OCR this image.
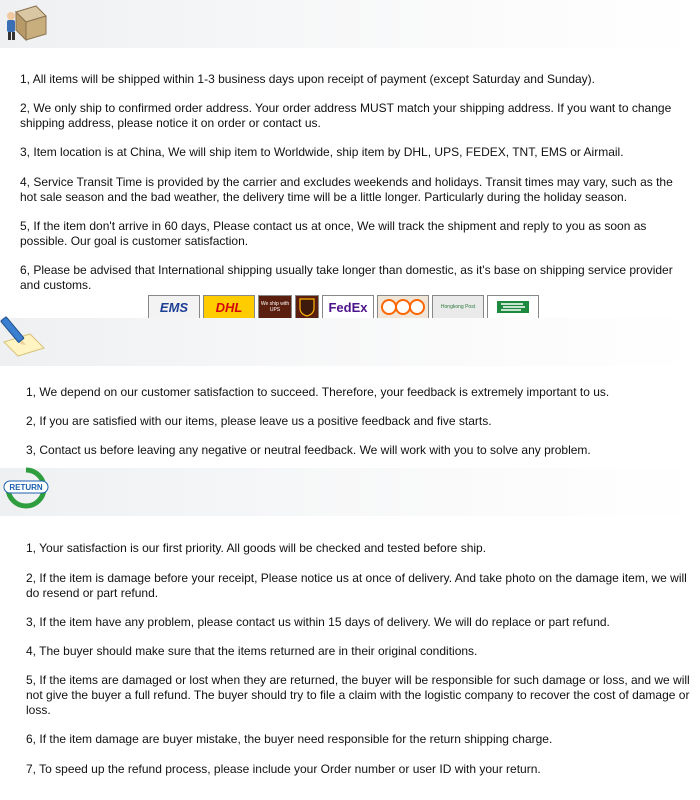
1, All items will be shipped within 1-3 business days upon receipt of payment (except Saturday and Sunday).
2, We only ship to confirmed order address. Your order address MUST match your shipping address. If you want to change shipping address, please notice it on order or contact us.
3, Item location is at China, We will ship item to Worldwide, ship item by DHL, UPS, FEDEX, TNT, EMS or Airmail.
4, Service Transit Time is provided by the carrier and excludes weekends and holidays. Transit times may vary, such as the hot sale season and the bad weather, the delivery time will be a little longer. Particularly during the holiday season.
5, If the item don't arrive in 60 days, Please contact us at once, We will track the shipment and reply to you as soon as possible. Our goal is customer satisfaction.
6, Please be advised that International shipping usually take longer than domestic, as it's base on shipping service provider and customs.
EMS DHL	We ship with UPS	FedEx	Hongkong Post
1, We depend on our customer satisfaction to succeed. Therefore, your feedback is extremely important to us.
2, If you are satisfied with our items, please leave us a positive feedback and five starts.
3, Contact us before leaving any negative or neutral feedback. We will work with you to solve any problem.
RETURN
1, Your satisfaction is our first priority. All goods will be checked and tested before ship.
2, If the item is damage before your receipt, Please notice us at once of delivery. And take photo on the damage item, we will do resend or part refund.
3, If the item have any problem, please contact us within 15 days of delivery. We will do replace or part refund.
4, The buyer should make sure that the items returned are in their original conditions.
5, If the items are damaged or lost when they are returned, the buyer will be responsible for such damage or loss, and we will not give the buyer a full refund. The buyer should try to file a claim with the logistic company to recover the cost of damage or loss.
6, If the item damage are buyer mistake, the buyer need responsible for the return shipping charge.
7, To speed up the refund process, please include your Order number or user ID with your return.
